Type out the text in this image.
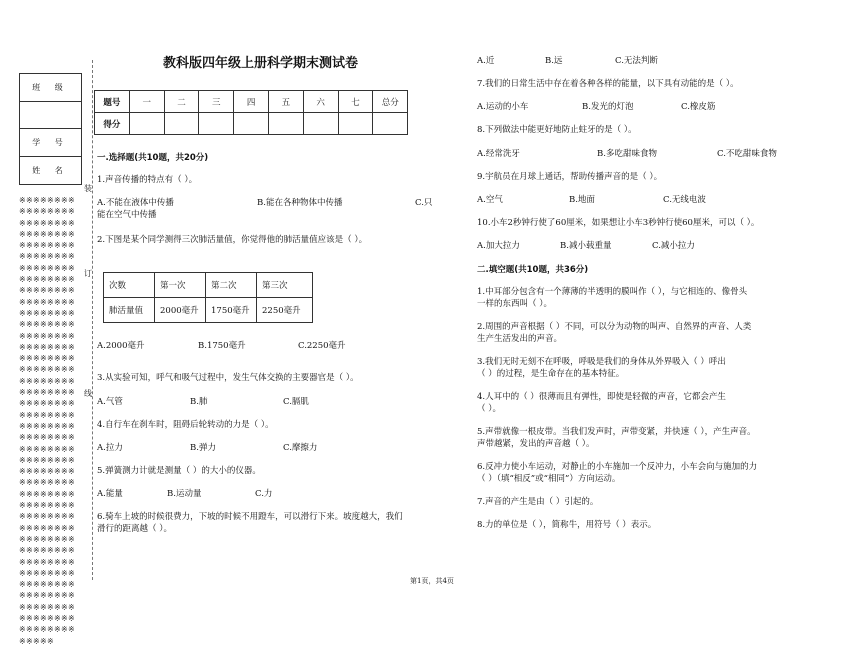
班 级
学 号
姓 名
※※※※※※※※※※※※※※※※※※※※※※※※※※※※※※※※※※※※※※※※※※※※※※※※※※※※※※※※※※※※※※※※※※※※※※※※※※※※※※※※※※※※※※※※※※※※※※※※※※※※※※※※※※※※※※※※※※※※※※※※※※※※※※※※※※※※※※※※※※※※※※※※※※※※※※※※※※※※※※※※※※※※※※※※※※※※※※※※※※※※※※※※※※※※※※※※※※※※※※※※※※※※※※※※※※※※※※※※※※※※※※※※※※※※※※※※※※※※※※※※※※※※※※※※※※※※※※※※※※※※※※※※※※※※※※※※※※※※※※※※※※※※※※※※※※※※※※※※※※※※※※※※※※※※※※※※※※※※※
装
订
线
教科版四年级上册科学期末测试卷
题号	一	二	三	四	五	六	七	总分
得分								
一.选择题(共10题，共20分)
1.声音传播的特点有（ ）。
A.不能在液体中传播	B.能在各种物体中传播	C.只
能在空气中传播
2.下图是某个同学测得三次肺活量值，你觉得他的肺活量值应该是（ ）。
次数	第一次	第二次	第三次
肺活量值	2000毫升	1750毫升	2250毫升
A.2000毫升	B.1750毫升	C.2250毫升
3.从实验可知，呼气和吸气过程中，发生气体交换的主要器官是（ ）。
A.气管	B.肺	C.膈肌
4.自行车在刹车时，阻碍后轮转动的力是（ ）。
A.拉力	B.弹力	C.摩擦力
5.弹簧测力计就是测量（ ）的大小的仪器。
A.能量	B.运动量	C.力
6.骑车上坡的时候很费力，下坡的时候不用蹬车，可以滑行下来。坡度越大，我们
滑行的距离越（ ）。
A.近	B.远	C.无法判断
7.我们的日常生活中存在着各种各样的能量，以下具有动能的是（ ）。
A.运动的小车	B.发光的灯泡	C.橡皮筋
8.下列做法中能更好地防止蛀牙的是（ ）。
A.经常洗牙	B.多吃甜味食物	C.不吃甜味食物
9.宇航员在月球上通话，帮助传播声音的是（ ）。
A.空气	B.地面	C.无线电波
10.小车2秒钟行使了60厘米，如果想让小车3秒钟行使60厘米，可以（ ）。
A.加大拉力	B.减小载重量	C.减小拉力
二.填空题(共10题，共36分)
1.中耳部分包含有一个薄薄的半透明的膜叫作（ ），与它相连的、像骨头
一样的东西叫（ ）。
2.周围的声音根据（ ）不同，可以分为动物的叫声、自然界的声音、人类
生产生活发出的声音。
3.我们无时无刻不在呼吸，呼吸是我们的身体从外界吸入（ ）呼出
（ ）的过程，是生命存在的基本特征。
4.人耳中的（ ）很薄而且有弹性，即使是轻微的声音，它都会产生
（ ）。
5.声带就像一根皮带。当我们发声时，声带变紧，并快速（ ），产生声音。
声带越紧，发出的声音越（ ）。
6.反冲力使小车运动，对静止的小车施加一个反冲力，小车会向与施加的力
（ ）（填“相反”或“相同”）方向运动。
7.声音的产生是由（ ）引起的。
8.力的单位是（ ），简称牛，用符号（ ）表示。
第1页，共4页
